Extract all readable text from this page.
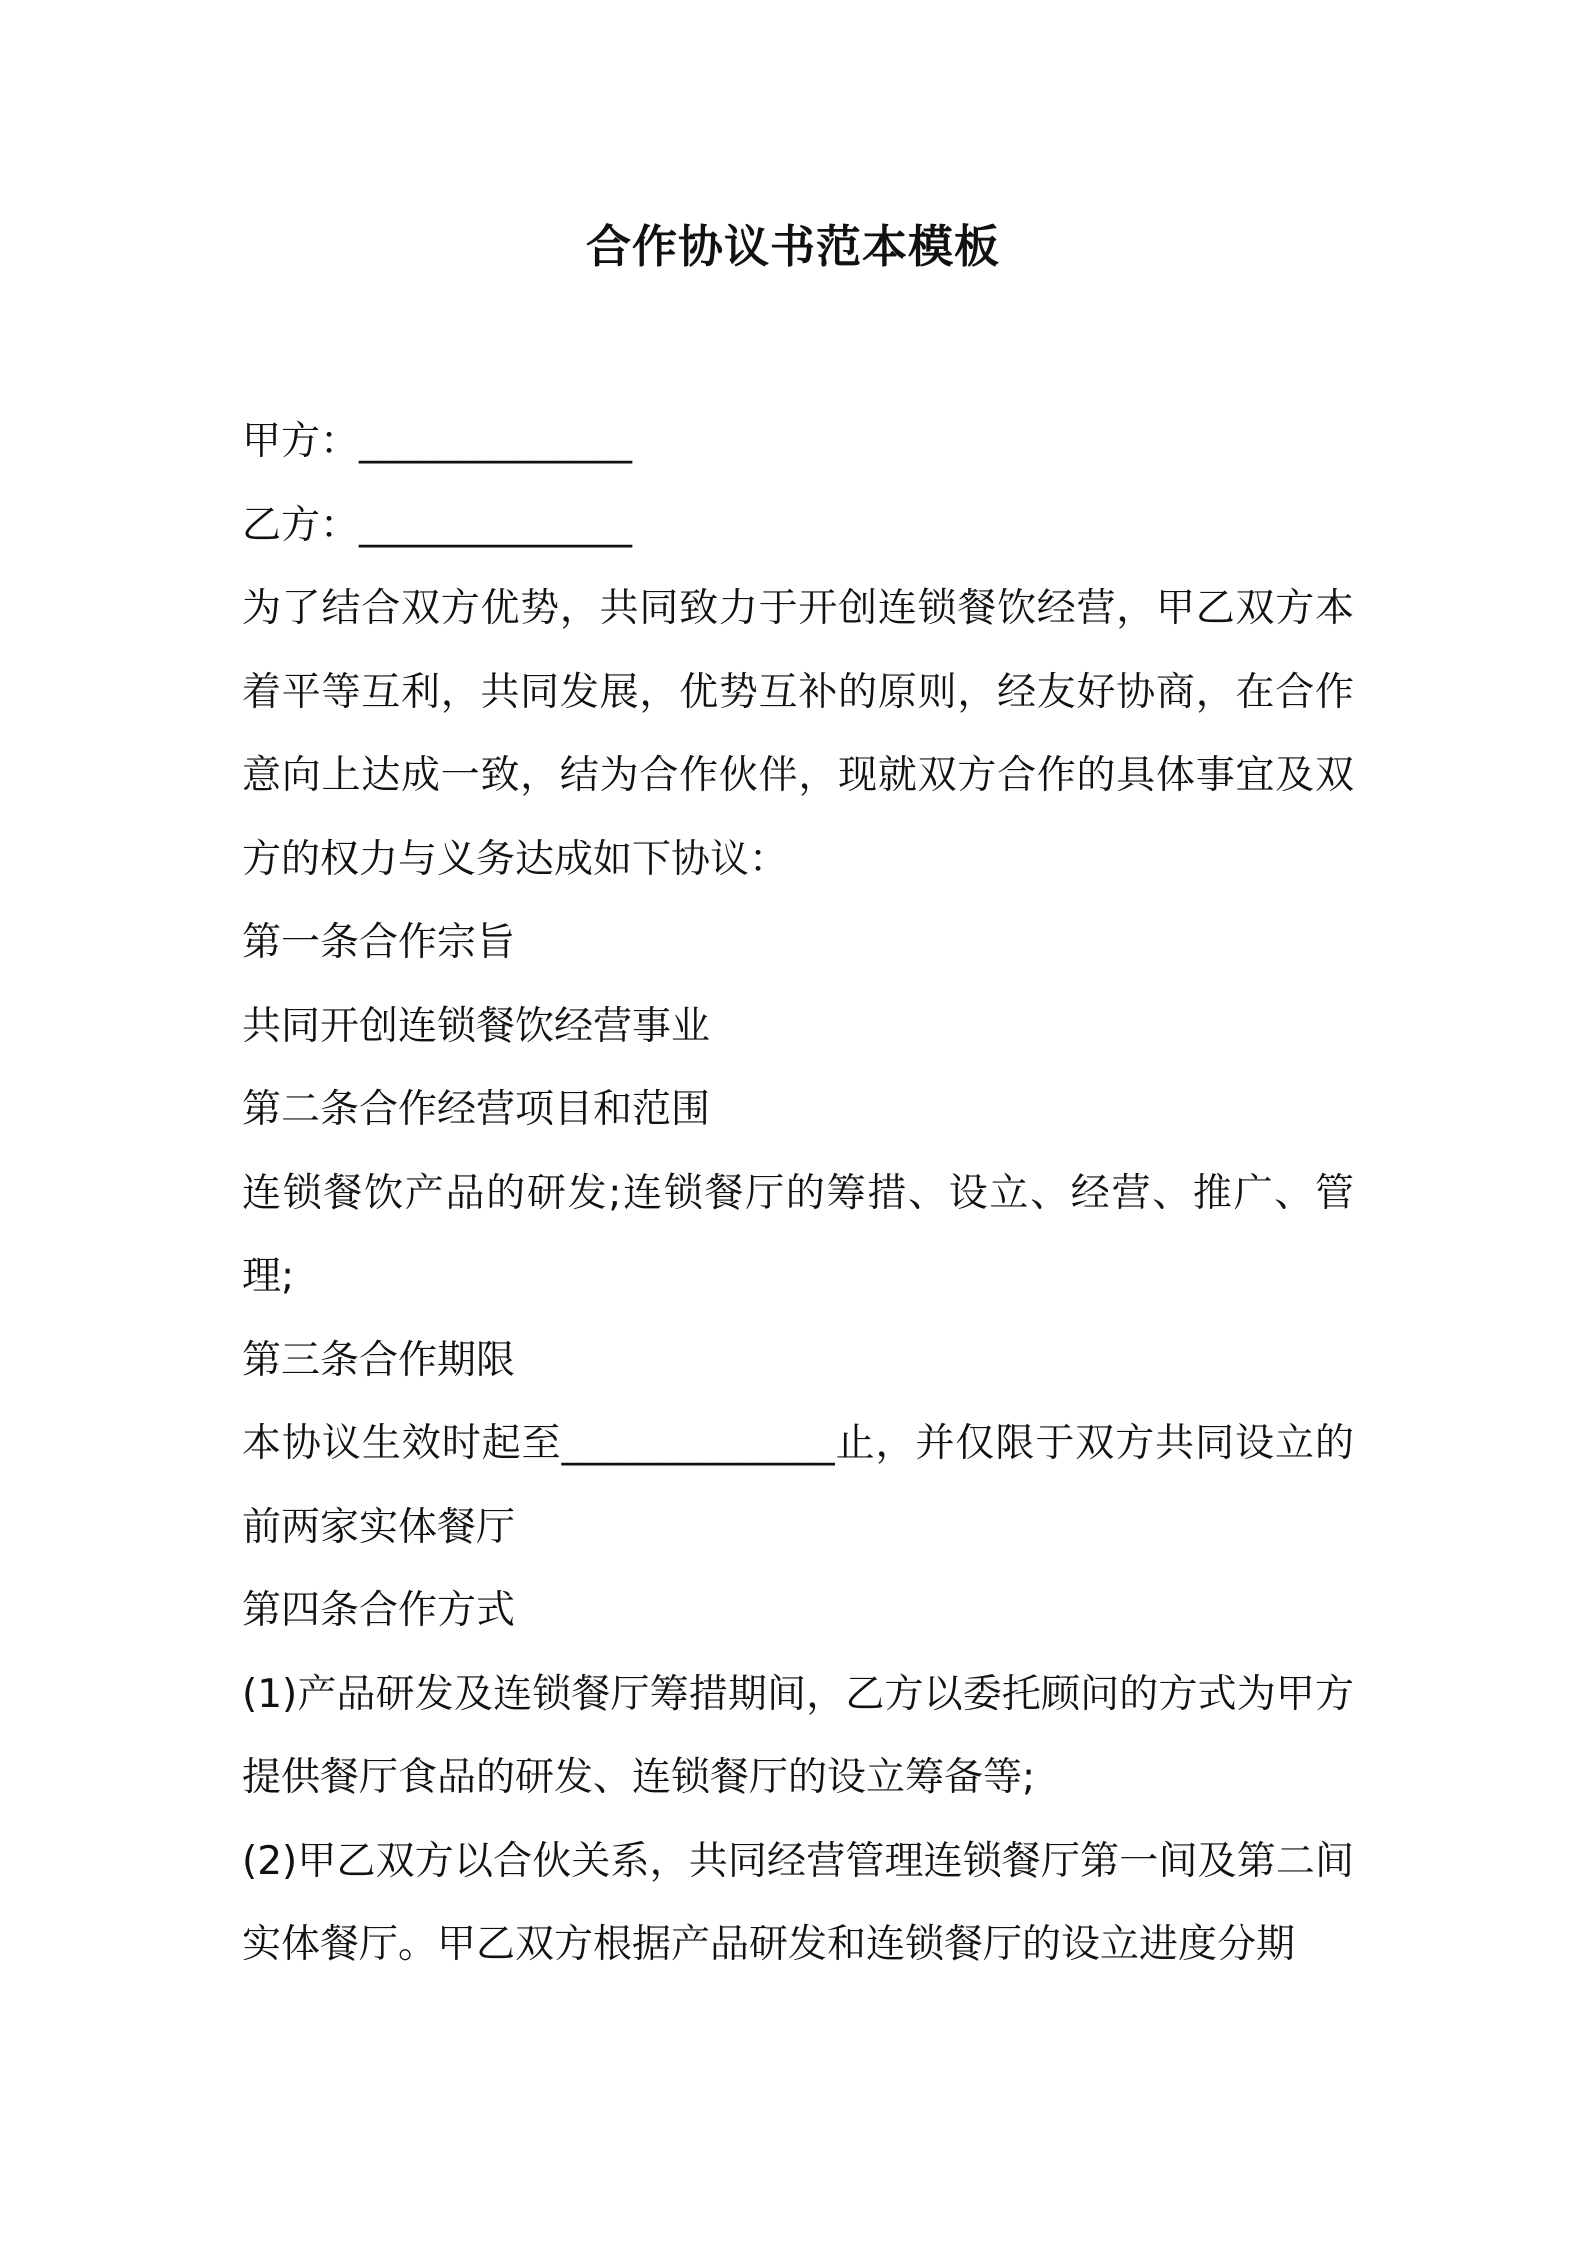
合作协议书范本模板
甲方：______________
乙方：______________
为了结合双方优势，共同致力于开创连锁餐饮经营，甲乙双方本着平等互利，共同发展，优势互补的原则，经友好协商，在合作意向上达成一致，结为合作伙伴，现就双方合作的具体事宜及双方的权力与义务达成如下协议：
第一条合作宗旨
共同开创连锁餐饮经营事业
第二条合作经营项目和范围
连锁餐饮产品的研发;连锁餐厅的筹措、设立、经营、推广、管理;
第三条合作期限
本协议生效时起至______________止，并仅限于双方共同设立的前两家实体餐厅
第四条合作方式
(1)产品研发及连锁餐厅筹措期间，乙方以委托顾问的方式为甲方提供餐厅食品的研发、连锁餐厅的设立筹备等;
(2)甲乙双方以合伙关系，共同经营管理连锁餐厅第一间及第二间实体餐厅。甲乙双方根据产品研发和连锁餐厅的设立进度分期
